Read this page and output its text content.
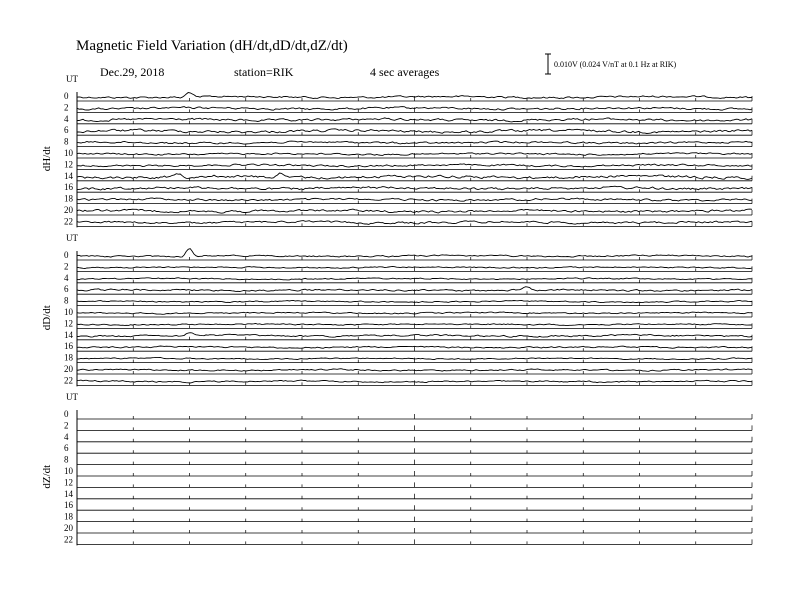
Magnetic Field Variation (dH/dt,dD/dt,dZ/dt)
Dec.29, 2018	station=RIK	4 sec averages
0.010V (0.024 V/nT at 0.1 Hz at RIK)
UT
dH/dt
0
2
4
6
8
10
12
14
16
18
20
22
UT
dD/dt
0
2
4
6
8
10
12
14
16
18
20
22
UT
dZ/dt
0
2
4
6
8
10
12
14
16
18
20
22
